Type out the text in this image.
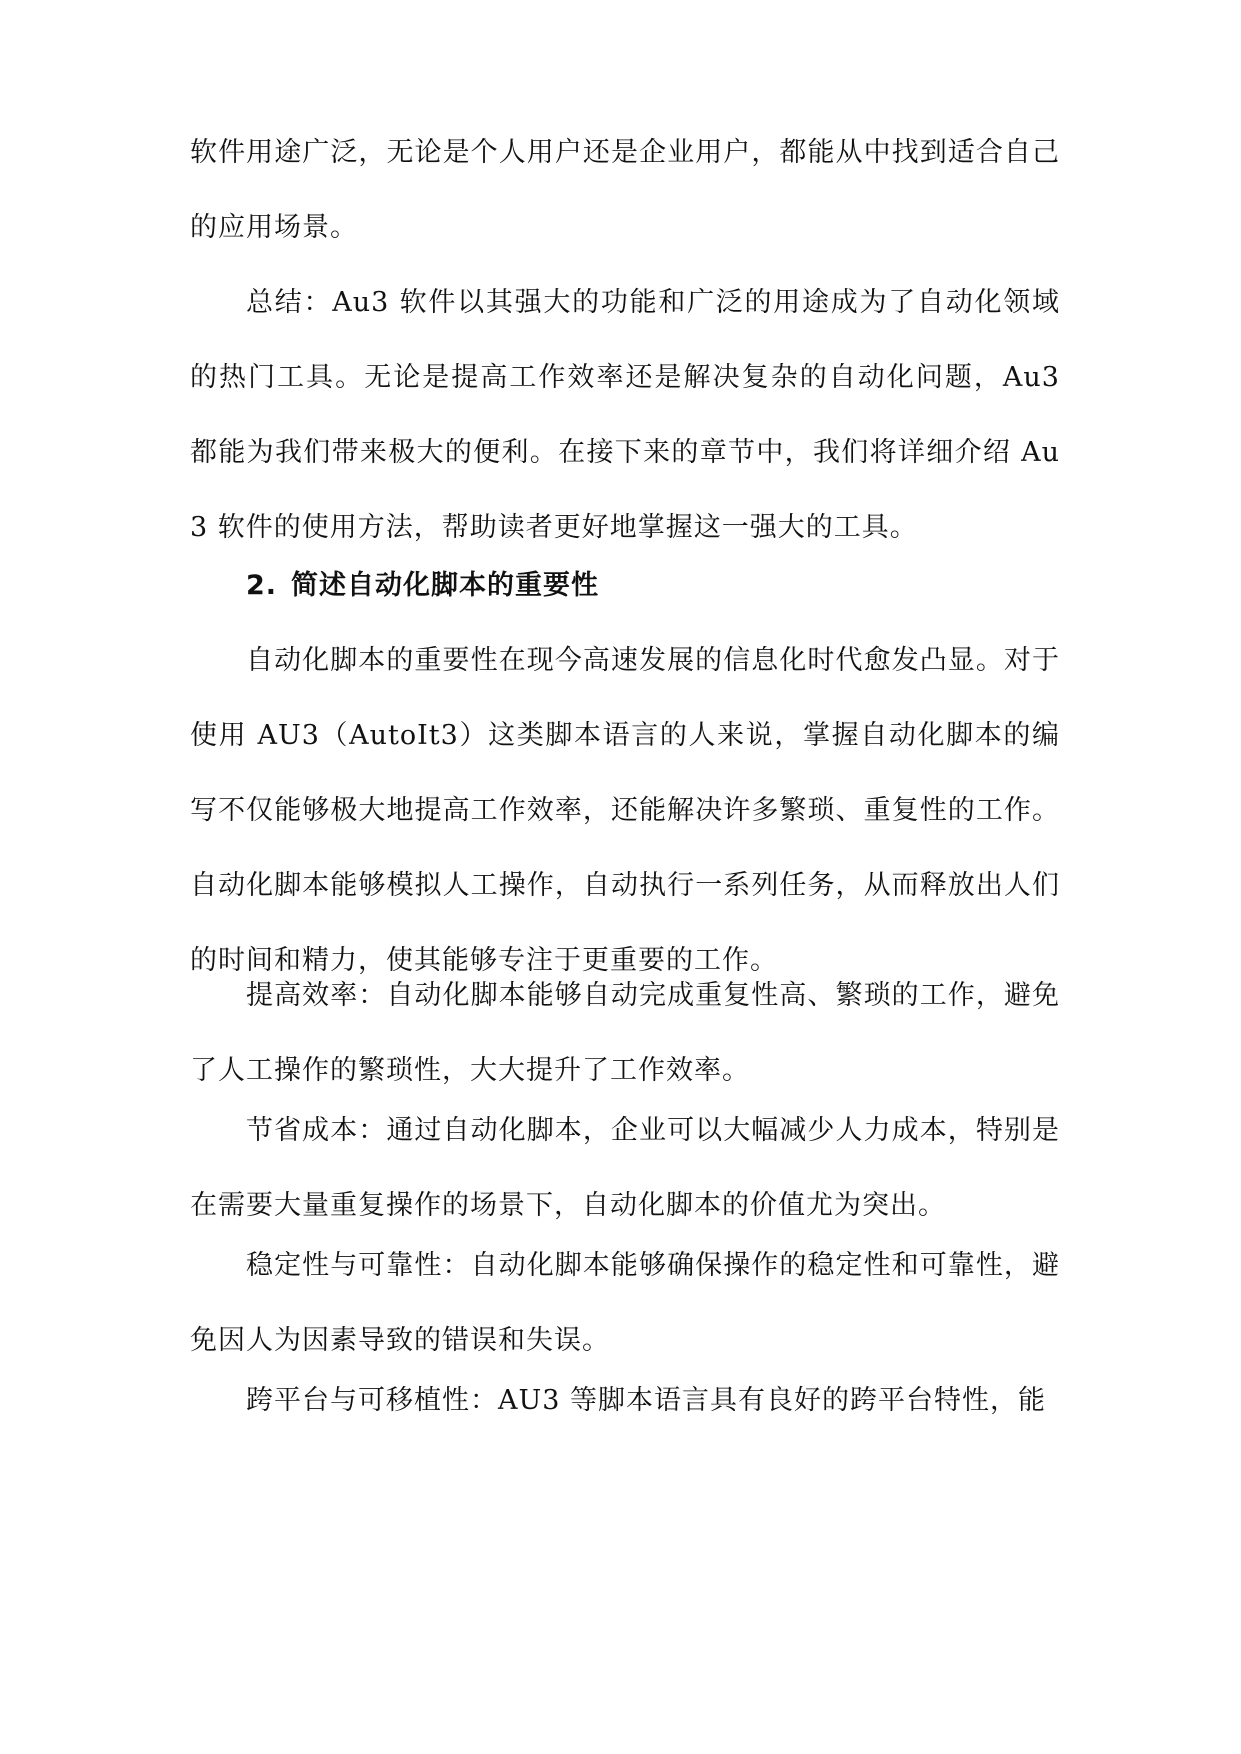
软件用途广泛，无论是个人用户还是企业用户，都能从中找到适合自己的应用场景。

总结：Au3 软件以其强大的功能和广泛的用途成为了自动化领域的热门工具。无论是提高工作效率还是解决复杂的自动化问题，Au3 都能为我们带来极大的便利。在接下来的章节中，我们将详细介绍 Au3 软件的使用方法，帮助读者更好地掌握这一强大的工具。

2. 简述自动化脚本的重要性

自动化脚本的重要性在现今高速发展的信息化时代愈发凸显。对于使用 AU3（AutoIt3）这类脚本语言的人来说，掌握自动化脚本的编写不仅能够极大地提高工作效率，还能解决许多繁琐、重复性的工作。自动化脚本能够模拟人工操作，自动执行一系列任务，从而释放出人们的时间和精力，使其能够专注于更重要的工作。

提高效率：自动化脚本能够自动完成重复性高、繁琐的工作，避免了人工操作的繁琐性，大大提升了工作效率。

节省成本：通过自动化脚本，企业可以大幅减少人力成本，特别是在需要大量重复操作的场景下，自动化脚本的价值尤为突出。

稳定性与可靠性：自动化脚本能够确保操作的稳定性和可靠性，避免因人为因素导致的错误和失误。

跨平台与可移植性：AU3 等脚本语言具有良好的跨平台特性，能
